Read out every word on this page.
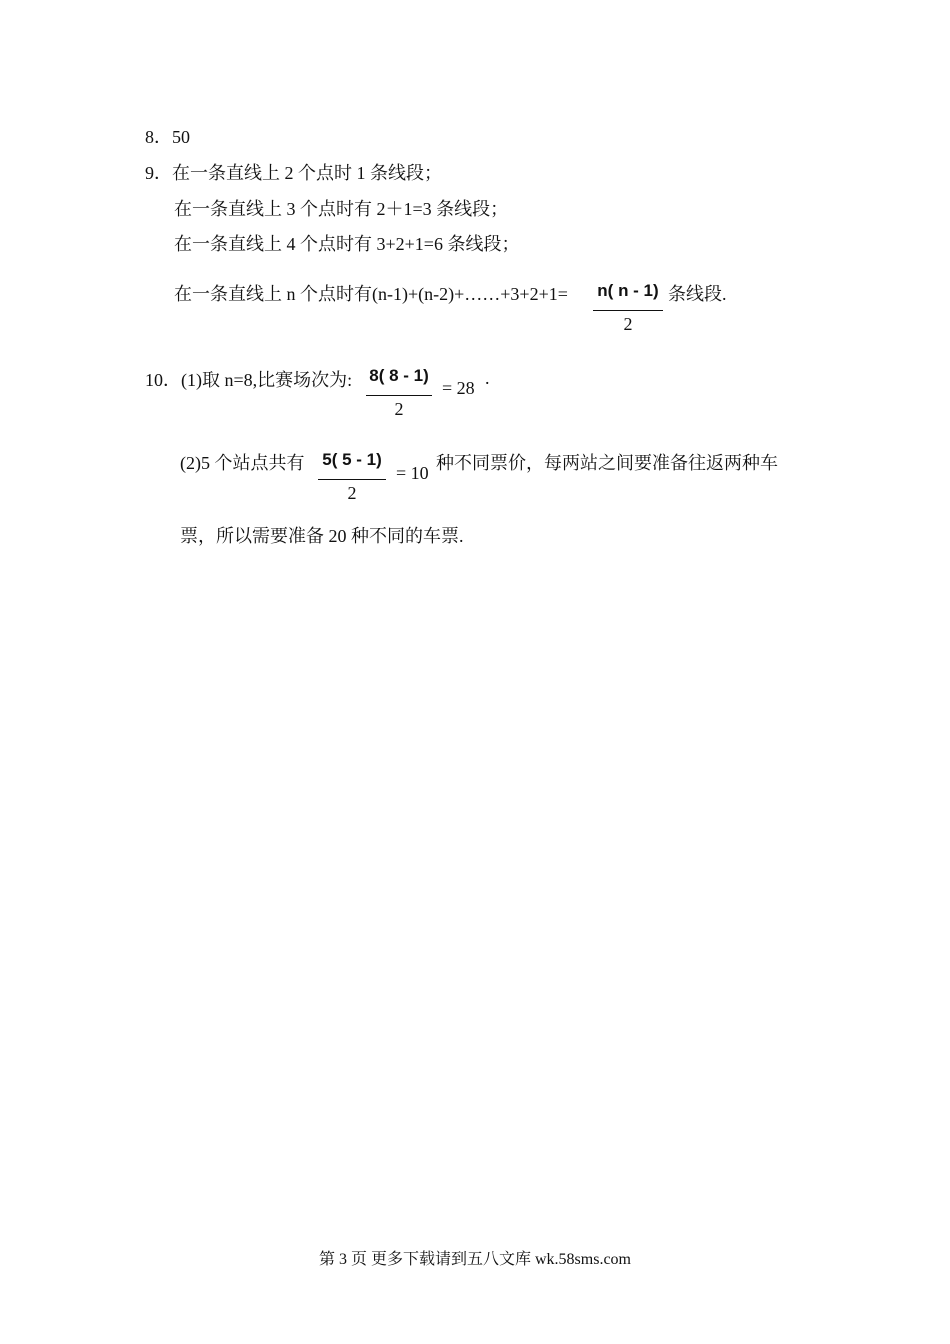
8．50
9．在一条直线上 2 个点时 1 条线段；
在一条直线上 3 个点时有 2＋1=3 条线段；
在一条直线上 4 个点时有 3+2+1=6 条线段；
在一条直线上 n 个点时有(n-1)+(n-2)+……+3+2+1= n( n - 1)
2
条线段.
10．(1)取 n=8,比赛场次为: 8( 8 - 1)
2
= 28 .
(2)5 个站点共有 5( 5 - 1)
2
= 10 种不同票价，每两站之间要准备往返两种车
票，所以需要准备 20 种不同的车票.
第 3 页 更多下载请到五八文库 wk.58sms.com
